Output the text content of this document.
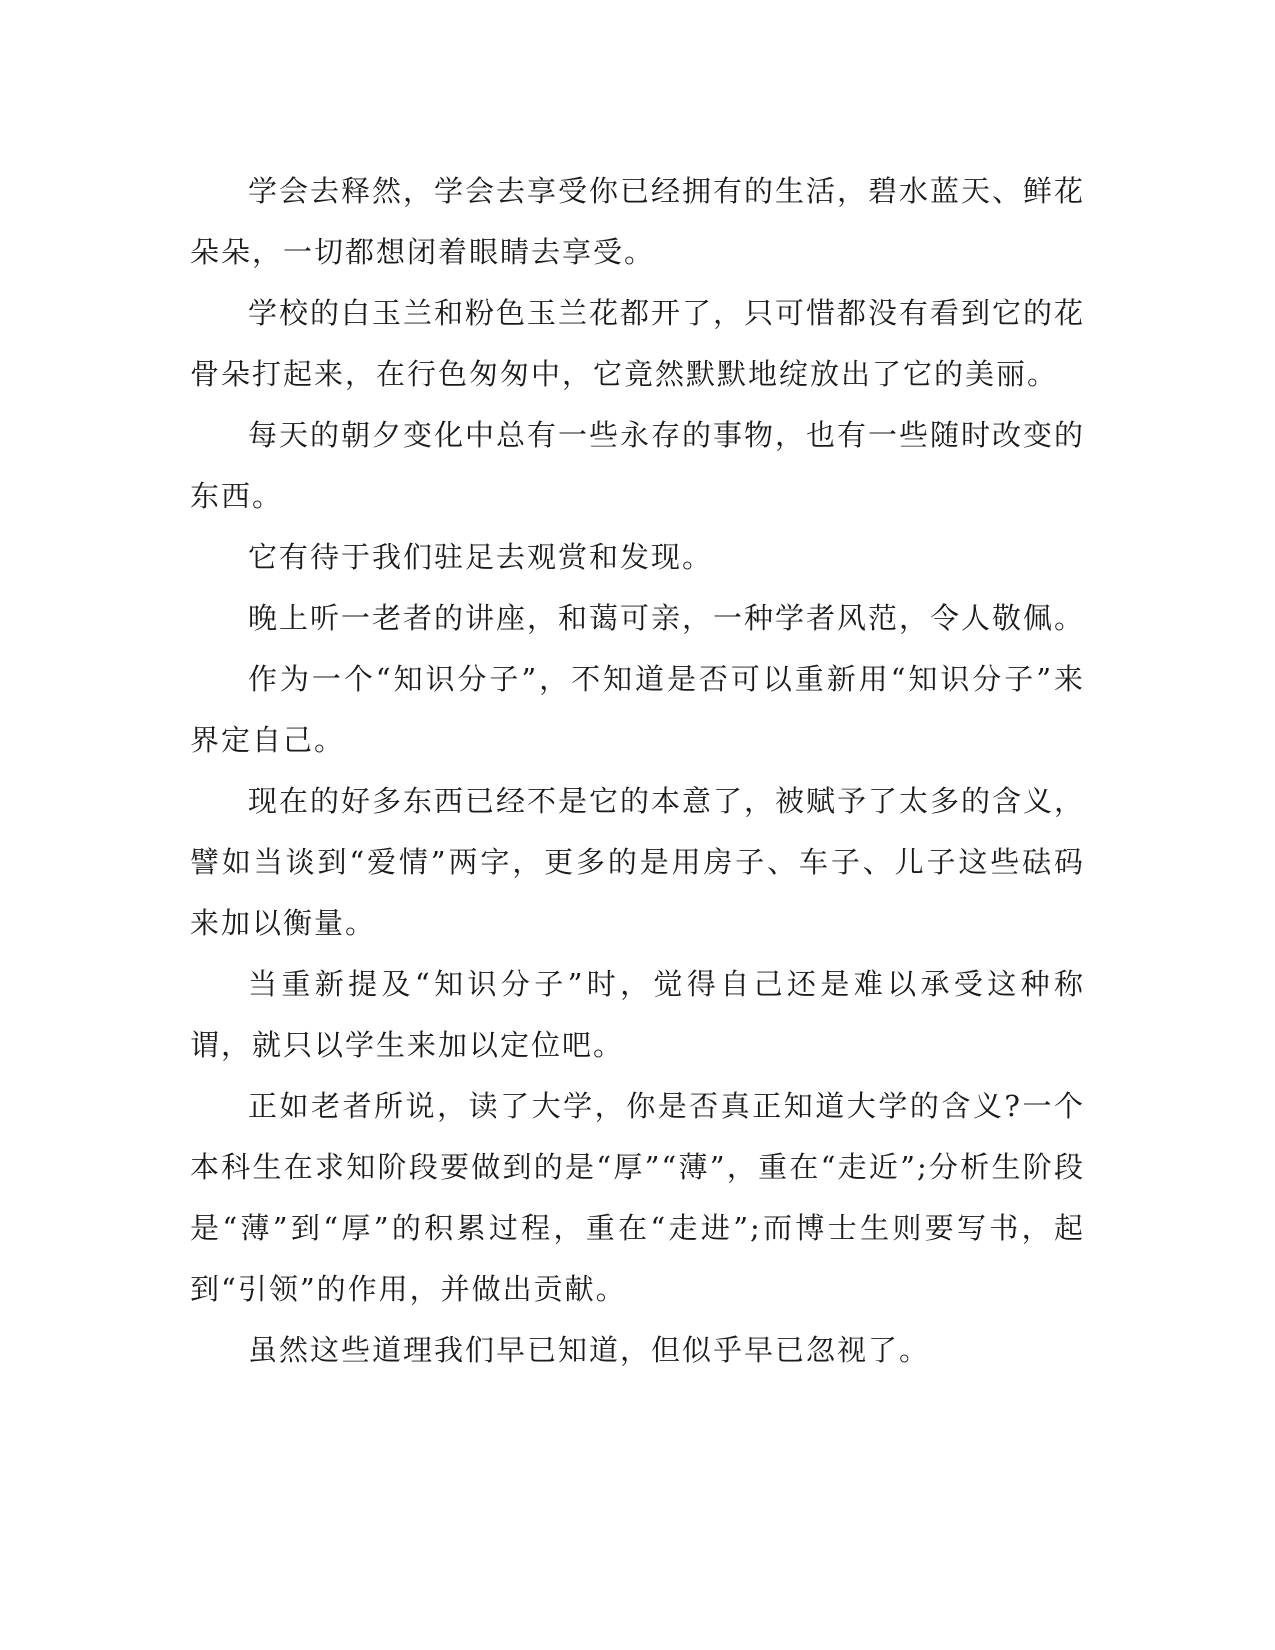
学会去释然，学会去享受你已经拥有的生活，碧水蓝天、鲜花朵朵，一切都想闭着眼睛去享受。

学校的白玉兰和粉色玉兰花都开了，只可惜都没有看到它的花骨朵打起来，在行色匆匆中，它竟然默默地绽放出了它的美丽。

每天的朝夕变化中总有一些永存的事物，也有一些随时改变的东西。

它有待于我们驻足去观赏和发现。

晚上听一老者的讲座，和蔼可亲，一种学者风范，令人敬佩。

作为一个“知识分子”，不知道是否可以重新用“知识分子”来界定自己。

现在的好多东西已经不是它的本意了，被赋予了太多的含义，譬如当谈到“爱情”两字，更多的是用房子、车子、儿子这些砝码来加以衡量。

当重新提及“知识分子”时，觉得自己还是难以承受这种称谓，就只以学生来加以定位吧。

正如老者所说，读了大学，你是否真正知道大学的含义?一个本科生在求知阶段要做到的是“厚”“薄”，重在“走近”;分析生阶段是“薄”到“厚”的积累过程，重在“走进”;而博士生则要写书，起到“引领”的作用，并做出贡献。

虽然这些道理我们早已知道，但似乎早已忽视了。
